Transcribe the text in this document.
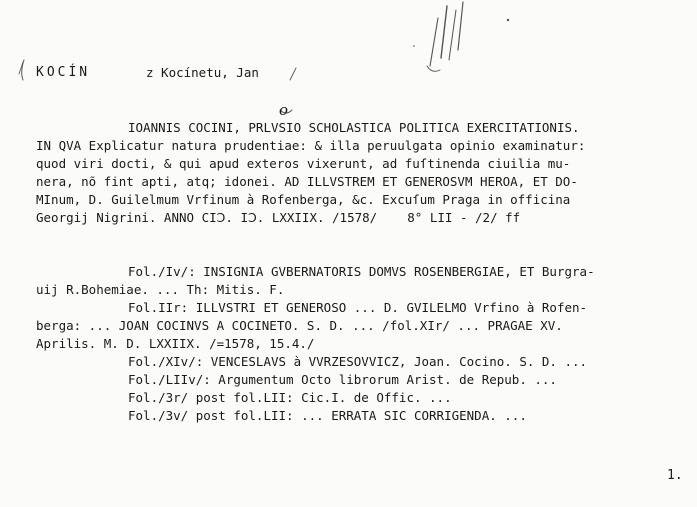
KOCÍN	z Kocínetu, Jan
o
IOANNIS COCINI, PRLVSIO SCHOLASTICA POLITICA EXERCITATIONIS.
IN QVA Explicatur natura prudentiae: & illa peruulgata opinio examinatur:
quod viri docti, & qui apud exteros vixerunt, ad fuſtinenda ciuilia mu-
nera, nõ fint apti, atq; idonei. AD ILLVSTREM ET GENEROSVM HEROA, ET DO-
MInum, D. Guilelmum Vrfinum à Rofenberga, &c. Excuſum Praga in officina
Georgij Nigrini. ANNO CIↃ. IↃ. LXXIIX. /1578/    8° LII - /2/ ff
Fol./Iv/: INSIGNIA GVBERNATORIS DOMVS ROSENBERGIAE, ET Burgra-
uij R.Bohemiae. ... Th: Mitis. F.
Fol.IIr: ILLVSTRI ET GENEROSO ... D. GVILELMO Vrfino à Rofen-
berga: ... JOAN COCINVS A COCINETO. S. D. ... /fol.XIr/ ... PRAGAE XV.
Aprilis. M. D. LXXIIX. /=1578, 15.4./
Fol./XIv/: VENCESLAVS à VVRZESOVVICZ, Joan. Cocino. S. D. ...
Fol./LIIv/: Argumentum Octo librorum Arist. de Repub. ...
Fol./3r/ post fol.LII: Cic.I. de Offic. ...
Fol./3v/ post fol.LII: ... ERRATA SIC CORRIGENDA. ...
1.
